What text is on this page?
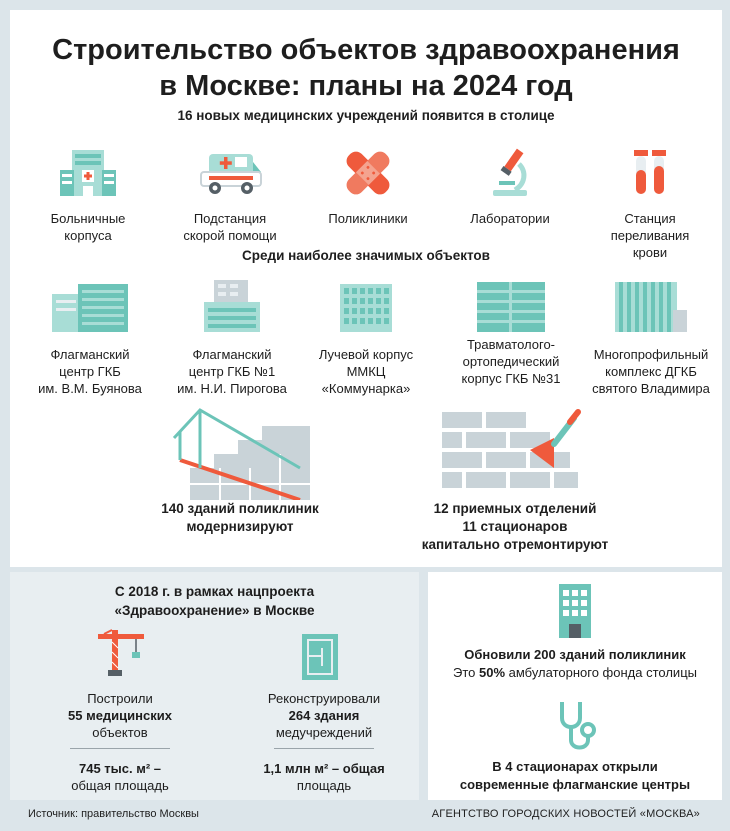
Строительство объектов здравоохранения
в Москве: планы на 2024 год
16 новых медицинских учреждений появится в столице
Больничные
корпуса
Подстанция
скорой помощи
Поликлиники	Лаборатории	Станция
переливания
крови
Среди наиболее значимых объектов
Флагманский
центр ГКБ
им. В.М. Буянова
Флагманский
центр ГКБ №1
им. Н.И. Пирогова
Лучевой корпус
ММКЦ
«Коммунарка»
Травматолого-
ортопедический
корпус ГКБ №31
Многопрофильный
комплекс ДГКБ
святого Владимира
140 зданий поликлиник
модернизируют
12 приемных отделений
11 стационаров
капитально отремонтируют
С 2018 г. в рамках нацпроекта
«Здравоохранение» в Москве
Построили
55 медицинских
объектов
745 тыс. м² –
общая площадь
Реконструировали
264 здания
медучреждений
1,1 млн м² – общая
площадь
Обновили 200 зданий поликлиник
Это 50% амбулаторного фонда столицы
В 4 стационарах открыли
современные флагманские центры
Источник: правительство Москвы	АГЕНТСТВО ГОРОДСКИХ НОВОСТЕЙ «МОСКВА»
